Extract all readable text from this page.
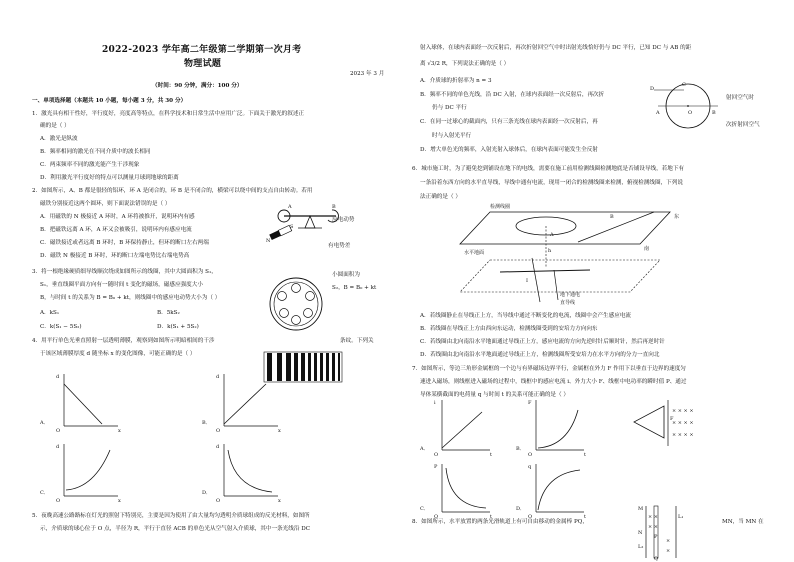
2022-2023 学年高二年级第二学期第一次月考
物理试题
2023 年 3 月
（时间：90 分钟，满分：100 分）
一、单项选择题（本题共 10 小题，每小题 3 分，共 30 分）
1．激光具有相干性好，平行度好，亮度高等特点，在科学技术和日常生活中应用广泛。下面关于激光的叙述正
确的是（ ）
A．激光是纵波
B．频率相同的激光在不同介质中的波长相同
C．两束频率不同的激光能产生干涉现象
D．利用激光平行度好的特点可以测量月球到地球的距离
2．如图所示，A、B 都是很轻的铝环，环 A 是闭合的，环 B 是不闭合的，横梁可以绕中间的支点自由转动。若用
磁铁分别接近这两个圆环，则下面说法错误的是（ ）
A．用磁铁的 N 极接近 A 环时，A 环将被推开，说明环内有感	应电动势
B．把磁铁远离 A 环，A 环又会被吸引，说明环内有感应电流
C．磁铁接近或者远离 B 环时，B 环保持静止，但环的断口左右两端	有电势差
D．磁铁 N 极接近 B 环时，环的断口左端电势比右端电势高
A	B
N
S
3．将一根绝缘硬质细导线顺次绕成如图所示的线圈，其中大圆面积为 S₁，
S₁，垂直线圈平面方向有一随时间 t 变化的磁场，磁感应强度大小
B，与时间 t 的关系为 B = B₀ + kt，则线圈中的感应电动势大小为（ ）
小圆面积为
S₂，B = B₀ + kt
A．kS₁	B．5kS₂
C．k(S₁ − 5S₂)	D．k(S₁ + 5S₂)
4．用平行单色光垂直照射一层透明薄膜，观察到如图所示明暗相间的干涉	条纹。下列关
于该区域薄膜厚度 d 随坐标 x 的变化图像，可能正确的是（ ）
A．
O
d
x
B．
O
d
x
C．
O
d
x
D．
O
d
x
5．夜晚高速公路路标在灯光的照射下特别亮，主要是因为使用了由大量均匀透明介质球组成的反光材料，如图所
示，介质球的球心位于 O 点，半径为 R，平行于直径 ACB 的单色光从空气射入介质球，其中一条光线沿 DC
射入球体，在球内表面经一次反射后，再次折射回空气中时出射光线恰好仍与 DC 平行，已知 DC 与 AB 的距
离 √3/2 R，下列说法正确的是（ ）
A．介质球的折射率为 n = 3
B．频率不同的单色光线，沿 DC 入射，在球内表面经一次反射后，再次折	射回空气时
仍与 DC 平行
C．在同一过球心的截面内，只有三条光线在球内表面经一次反射后，再	次折射回空气
时与入射光平行
D．增大单色光的频率，入射光射入球体后，在球内表面可能发生全反射
D
C
A	O	B
6．城市施工时，为了避免挖到铺设在地下的电线，需要在施工前用检测线圈检测地底是否铺设导线，若地下有
一条沿着东西方向的水平直导线，导线中通有电流，现用一闭合的检测线圈来检测，俯视检测线圈，下列说
法正确的是（ ）
检测线圈
水平地面
东
南
地下通电
直导线
A
B
I
h
A．若线圈静止在导线正上方，当导线中通过不断变化的电流，线圈中会产生感应电流
B．若线圈在导线正上方由西向东运动，检测线圈受到的安培力方向向东
C．若线圈由北向南沿水平地面通过导线正上方，感应电流的方向先逆时针后顺时针，然后再逆时针
D．若线圈由北向南沿水平地面通过导线正上方，检测线圈所受安培力在水平方向的分力一直向北
7．如图所示，等边三角形金属框的一个边与有界磁场边界平行，金属框在外力 F 作用下以垂直于边界的速度匀
速进入磁场，则线框进入磁场的过程中，线框中的感应电流 i、外力大小 F、线框中电功率的瞬时值 P、通过
导体某横截面的电荷量 q 与时间 t 的关系可能正确的是（ ）
A．
O
i
t
B．
O
F
t
C．
O
P
t
D．
O
q
t
× × × ×
× × × ×
× × × ×
F
8．如图所示，水平放置的两条光滑轨道上有可自由移动的金属棒 PQ，	MN，当 MN 在
× ×
× ×
×
×
M
N
P
Q
L₁
L₂
